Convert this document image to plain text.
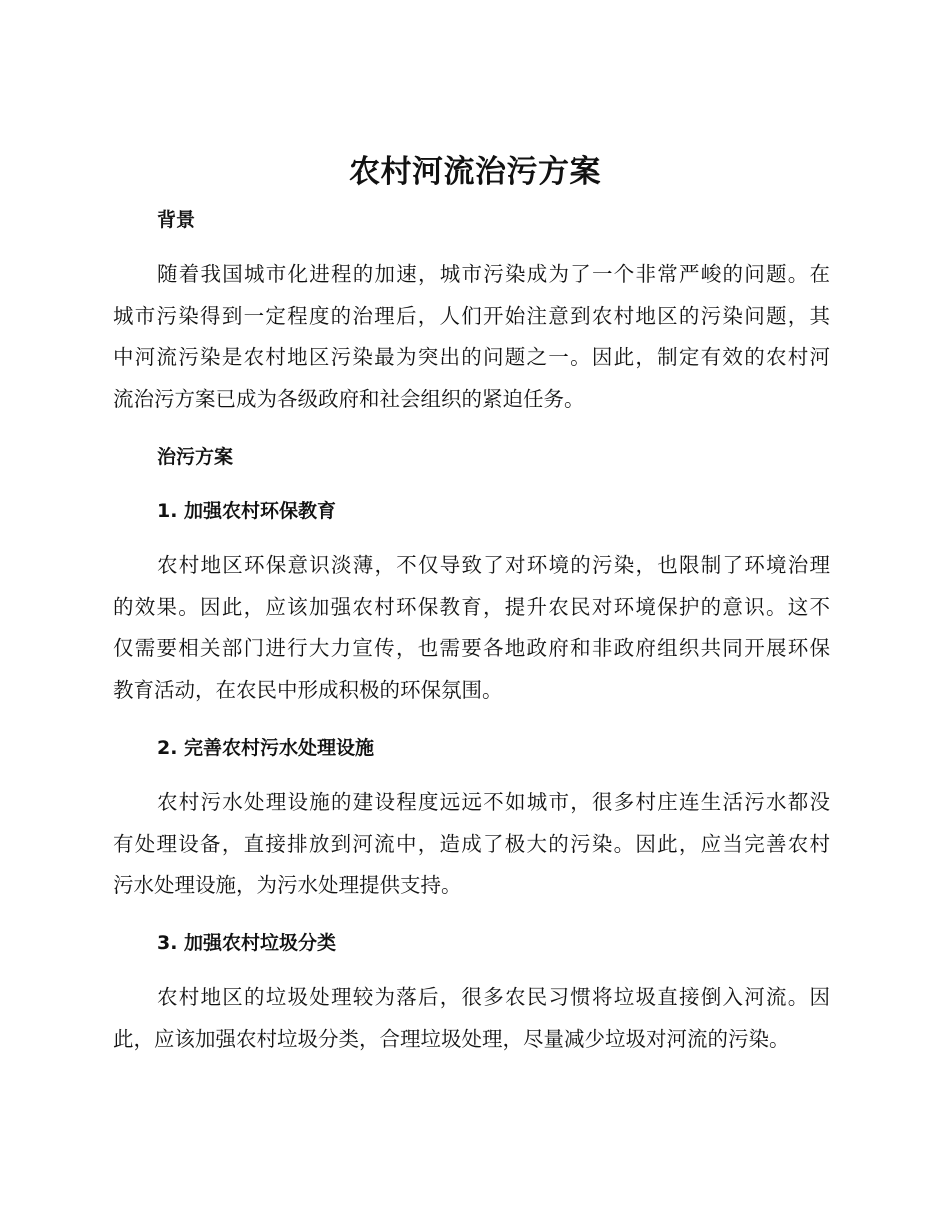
农村河流治污方案
背景
随着我国城市化进程的加速，城市污染成为了一个非常严峻的问题。在
城市污染得到一定程度的治理后，人们开始注意到农村地区的污染问题，其
中河流污染是农村地区污染最为突出的问题之一。因此，制定有效的农村河
流治污方案已成为各级政府和社会组织的紧迫任务。
治污方案
1. 加强农村环保教育
农村地区环保意识淡薄，不仅导致了对环境的污染，也限制了环境治理
的效果。因此，应该加强农村环保教育，提升农民对环境保护的意识。这不
仅需要相关部门进行大力宣传，也需要各地政府和非政府组织共同开展环保
教育活动，在农民中形成积极的环保氛围。
2. 完善农村污水处理设施
农村污水处理设施的建设程度远远不如城市，很多村庄连生活污水都没
有处理设备，直接排放到河流中，造成了极大的污染。因此，应当完善农村
污水处理设施，为污水处理提供支持。
3. 加强农村垃圾分类
农村地区的垃圾处理较为落后，很多农民习惯将垃圾直接倒入河流。因
此，应该加强农村垃圾分类，合理垃圾处理，尽量减少垃圾对河流的污染。
